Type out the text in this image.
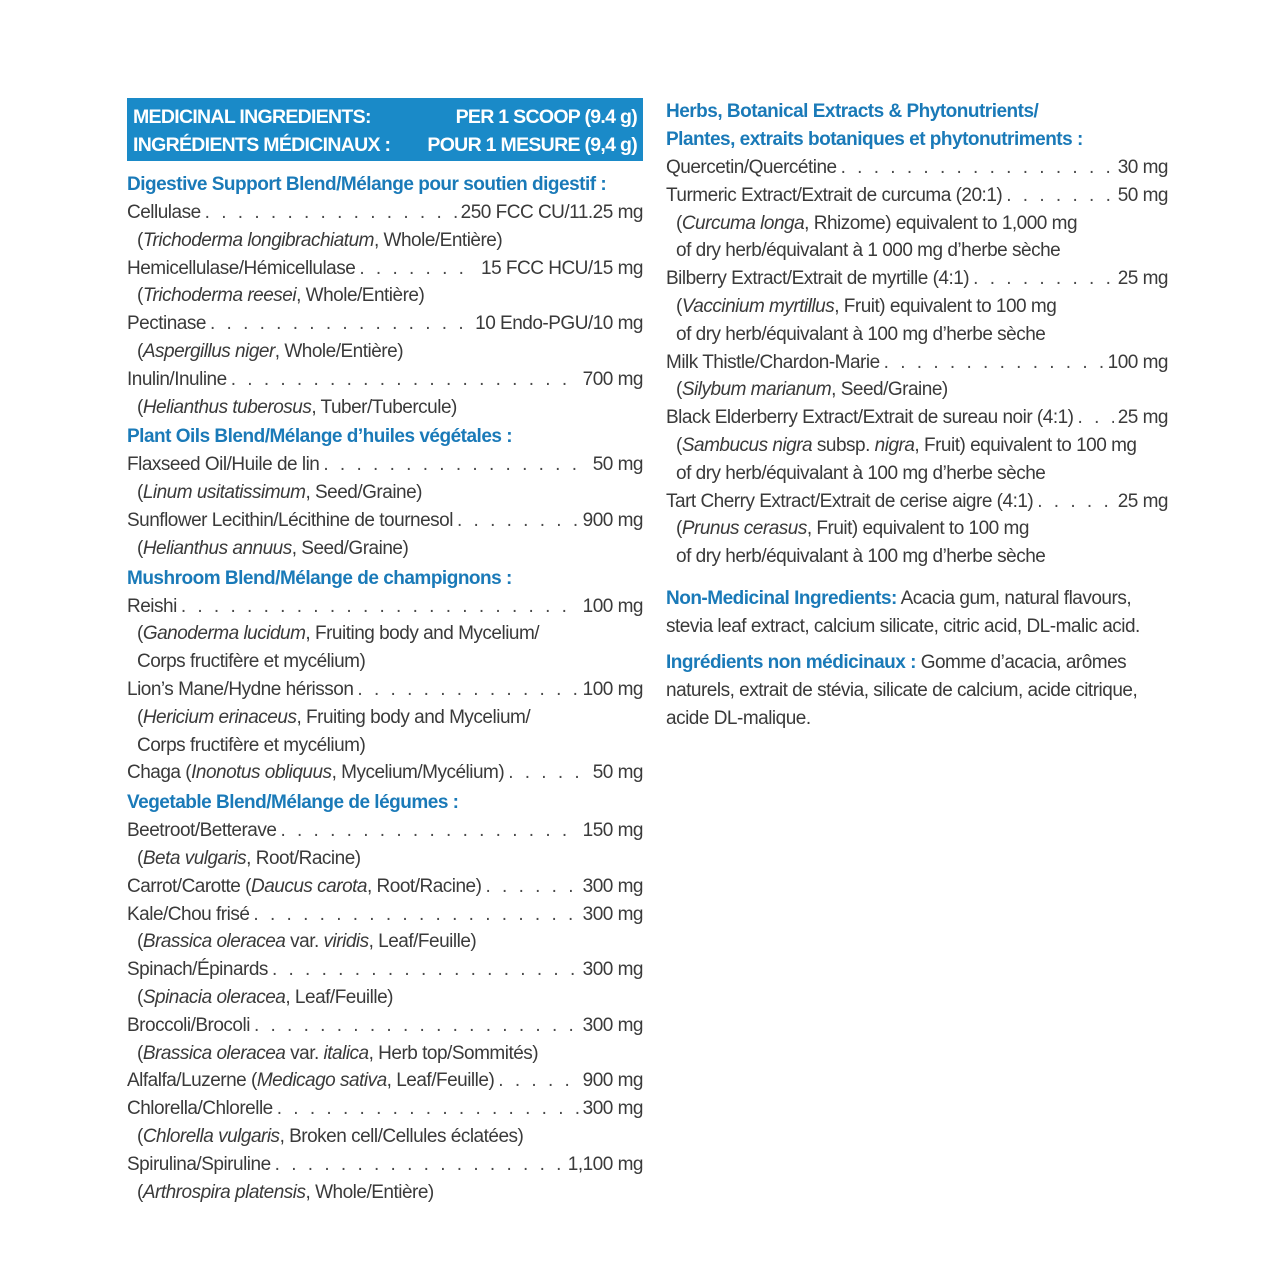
MEDICINAL INGREDIENTS:	PER 1 SCOOP (9.4 g)
INGRÉDIENTS MÉDICINAUX : POUR 1 MESURE (9,4 g)
Digestive Support Blend/Mélange pour soutien digestif :
Cellulase . . .	250 FCC CU/11.25 mg
(Trichoderma longibrachiatum, Whole/Entière)
Hemicellulase/Hémicellulase . . .	15 FCC HCU/15 mg
(Trichoderma reesei, Whole/Entière)
Pectinase . . .	10 Endo-PGU/10 mg
(Aspergillus niger, Whole/Entière)
Inulin/Inuline . . .	700 mg
(Helianthus tuberosus, Tuber/Tubercule)
Plant Oils Blend/Mélange d’huiles végétales :
Flaxseed Oil/Huile de lin . . .	50 mg
(Linum usitatissimum, Seed/Graine)
Sunflower Lecithin/Lécithine de tournesol . . .	900 mg
(Helianthus annuus, Seed/Graine)
Mushroom Blend/Mélange de champignons :
Reishi . . .	100 mg
(Ganoderma lucidum, Fruiting body and Mycelium/
Corps fructifère et mycélium)
Lion’s Mane/Hydne hérisson . . .	100 mg
(Hericium erinaceus, Fruiting body and Mycelium/
Corps fructifère et mycélium)
Chaga (Inonotus obliquus, Mycelium/Mycélium) . . .	50 mg
Vegetable Blend/Mélange de légumes :
Beetroot/Betterave . . .	150 mg
(Beta vulgaris, Root/Racine)
Carrot/Carotte (Daucus carota, Root/Racine) . . .	300 mg
Kale/Chou frisé . . .	300 mg
(Brassica oleracea var. viridis, Leaf/Feuille)
Spinach/Épinards . . .	300 mg
(Spinacia oleracea, Leaf/Feuille)
Broccoli/Brocoli . . .	300 mg
(Brassica oleracea var. italica, Herb top/Sommités)
Alfalfa/Luzerne (Medicago sativa, Leaf/Feuille) . . .	900 mg
Chlorella/Chlorelle . . .	300 mg
(Chlorella vulgaris, Broken cell/Cellules éclatées)
Spirulina/Spiruline . . .	1,100 mg
(Arthrospira platensis, Whole/Entière)
Herbs, Botanical Extracts & Phytonutrients/
Plantes, extraits botaniques et phytonutriments :
Quercetin/Quercétine . . .	30 mg
Turmeric Extract/Extrait de curcuma (20:1) . . .	50 mg
(Curcuma longa, Rhizome) equivalent to 1,000 mg
of dry herb/équivalant à 1 000 mg d’herbe sèche
Bilberry Extract/Extrait de myrtille (4:1) . . .	25 mg
(Vaccinium myrtillus, Fruit) equivalent to 100 mg
of dry herb/équivalant à 100 mg d’herbe sèche
Milk Thistle/Chardon-Marie . . .	100 mg
(Silybum marianum, Seed/Graine)
Black Elderberry Extract/Extrait de sureau noir (4:1) . . . 25 mg
(Sambucus nigra subsp. nigra, Fruit) equivalent to 100 mg
of dry herb/équivalant à 100 mg d’herbe sèche
Tart Cherry Extract/Extrait de cerise aigre (4:1) . . .	25 mg
(Prunus cerasus, Fruit) equivalent to 100 mg
of dry herb/équivalant à 100 mg d’herbe sèche
Non-Medicinal Ingredients: Acacia gum, natural flavours,
stevia leaf extract, calcium silicate, citric acid, DL-malic acid.
Ingrédients non médicinaux : Gomme d’acacia, arômes
naturels, extrait de stévia, silicate de calcium, acide citrique,
acide DL-malique.
